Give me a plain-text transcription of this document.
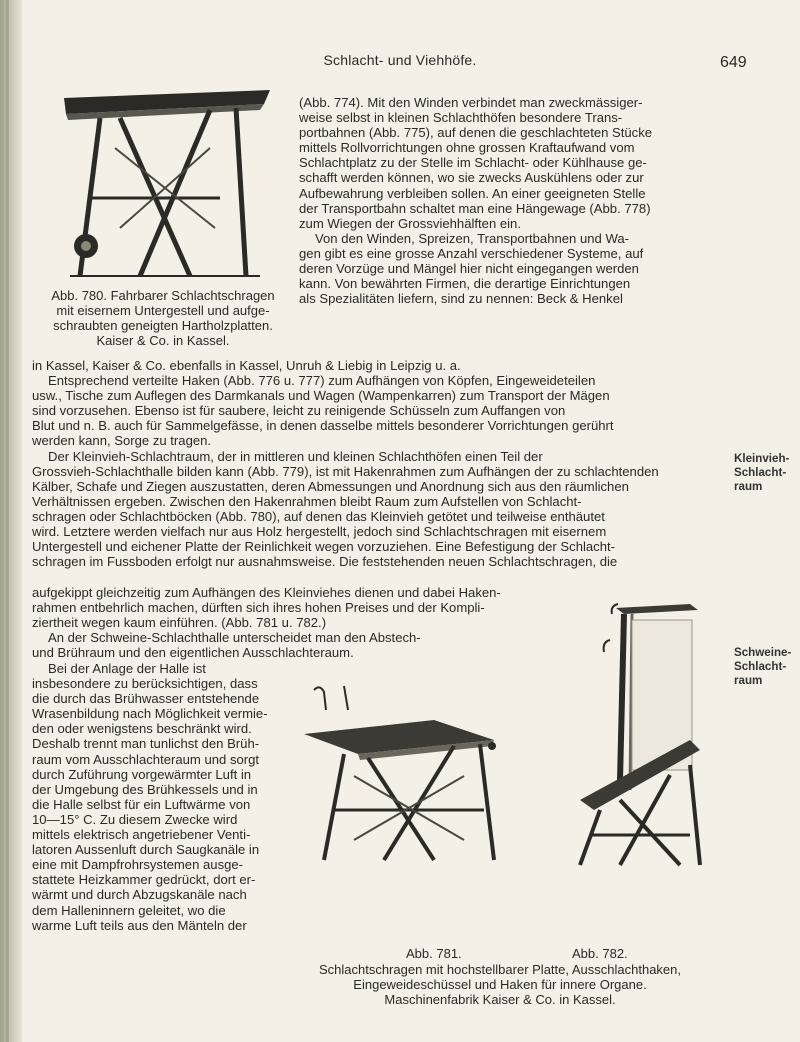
Schlacht- und Viehhöfe.	649

(Abb. 774). Mit den Winden verbindet man zweckmässiger-

weise selbst in kleinen Schlachthöfen besondere Trans-

portbahnen (Abb. 775), auf denen die geschlachteten Stücke

mittels Rollvorrichtungen ohne grossen Kraftaufwand vom

Schlachtplatz zu der Stelle im Schlacht- oder Kühlhause ge-

schafft werden können, wo sie zwecks Auskühlens oder zur

Aufbewahrung verbleiben sollen. An einer geeigneten Stelle

der Transportbahn schaltet man eine Hängewage (Abb. 778)

zum Wiegen der Grossviehhälften ein.

Von den Winden, Spreizen, Transportbahnen und Wa-

gen gibt es eine grosse Anzahl verschiedener Systeme, auf

deren Vorzüge und Mängel hier nicht eingegangen werden

kann. Von bewährten Firmen, die derartige Einrichtungen

als Spezialitäten liefern, sind zu nennen: Beck & Henkel

Abb. 780. Fahrbarer Schlachtschragen

mit eisernem Untergestell und aufge-

schraubten geneigten Hartholzplatten.

Kaiser & Co. in Kassel.

in Kassel, Kaiser & Co. ebenfalls in Kassel, Unruh & Liebig in Leipzig u. a.

Entsprechend verteilte Haken (Abb. 776 u. 777) zum Aufhängen von Köpfen, Eingeweideteilen

usw., Tische zum Auflegen des Darmkanals und Wagen (Wampenkarren) zum Transport der Mägen

sind vorzusehen. Ebenso ist für saubere, leicht zu reinigende Schüsseln zum Auffangen von

Blut und n. B. auch für Sammelgefässe, in denen dasselbe mittels besonderer Vorrichtungen gerührt

werden kann, Sorge zu tragen.

Der Kleinvieh-Schlachtraum, der in mittleren und kleinen Schlachthöfen einen Teil der

Grossvieh-Schlachthalle bilden kann (Abb. 779), ist mit Hakenrahmen zum Aufhängen der zu schlachtenden

Kälber, Schafe und Ziegen auszustatten, deren Abmessungen und Anordnung sich aus den räumlichen

Verhältnissen ergeben. Zwischen den Hakenrahmen bleibt Raum zum Aufstellen von Schlacht-

schragen oder Schlachtböcken (Abb. 780), auf denen das Kleinvieh getötet und teilweise enthäutet

wird. Letztere werden vielfach nur aus Holz hergestellt, jedoch sind Schlachtschragen mit eisernem

Untergestell und eichener Platte der Reinlichkeit wegen vorzuziehen. Eine Befestigung der Schlacht-

schragen im Fussboden erfolgt nur ausnahmsweise. Die feststehenden neuen Schlachtschragen, die

aufgekippt gleichzeitig zum Aufhängen des Kleinviehes dienen und dabei Haken-

rahmen entbehrlich machen, dürften sich ihres hohen Preises und der Kompli-

ziertheit wegen kaum einführen. (Abb. 781 u. 782.)

An der Schweine-Schlachthalle unterscheidet man den Abstech-

und Brühraum und den eigentlichen Ausschlachteraum.

Bei der Anlage der Halle ist

insbesondere zu berücksichtigen, dass

die durch das Brühwasser entstehende

Wrasenbildung nach Möglichkeit vermie-

den oder wenigstens beschränkt wird.

Deshalb trennt man tunlichst den Brüh-

raum vom Ausschlachteraum und sorgt

durch Zuführung vorgewärmter Luft in

der Umgebung des Brühkessels und in

die Halle selbst für ein Luftwärme von

10—15° C. Zu diesem Zwecke wird

mittels elektrisch angetriebener Venti-

latoren Aussenluft durch Saugkanäle in

eine mit Dampfrohrsystemen ausge-

stattete Heizkammer gedrückt, dort er-

wärmt und durch Abzugskanäle nach

dem Halleninnern geleitet, wo die

warme Luft teils aus den Mänteln der

Abb. 781.	Abb. 782.

Schlachtschragen mit hochstellbarer Platte, Ausschlachthaken,

Eingeweideschüssel und Haken für innere Organe.

Maschinenfabrik Kaiser & Co. in Kassel.

Kleinvieh-
Schlacht-
raum
Schweine-
Schlacht-
raum
